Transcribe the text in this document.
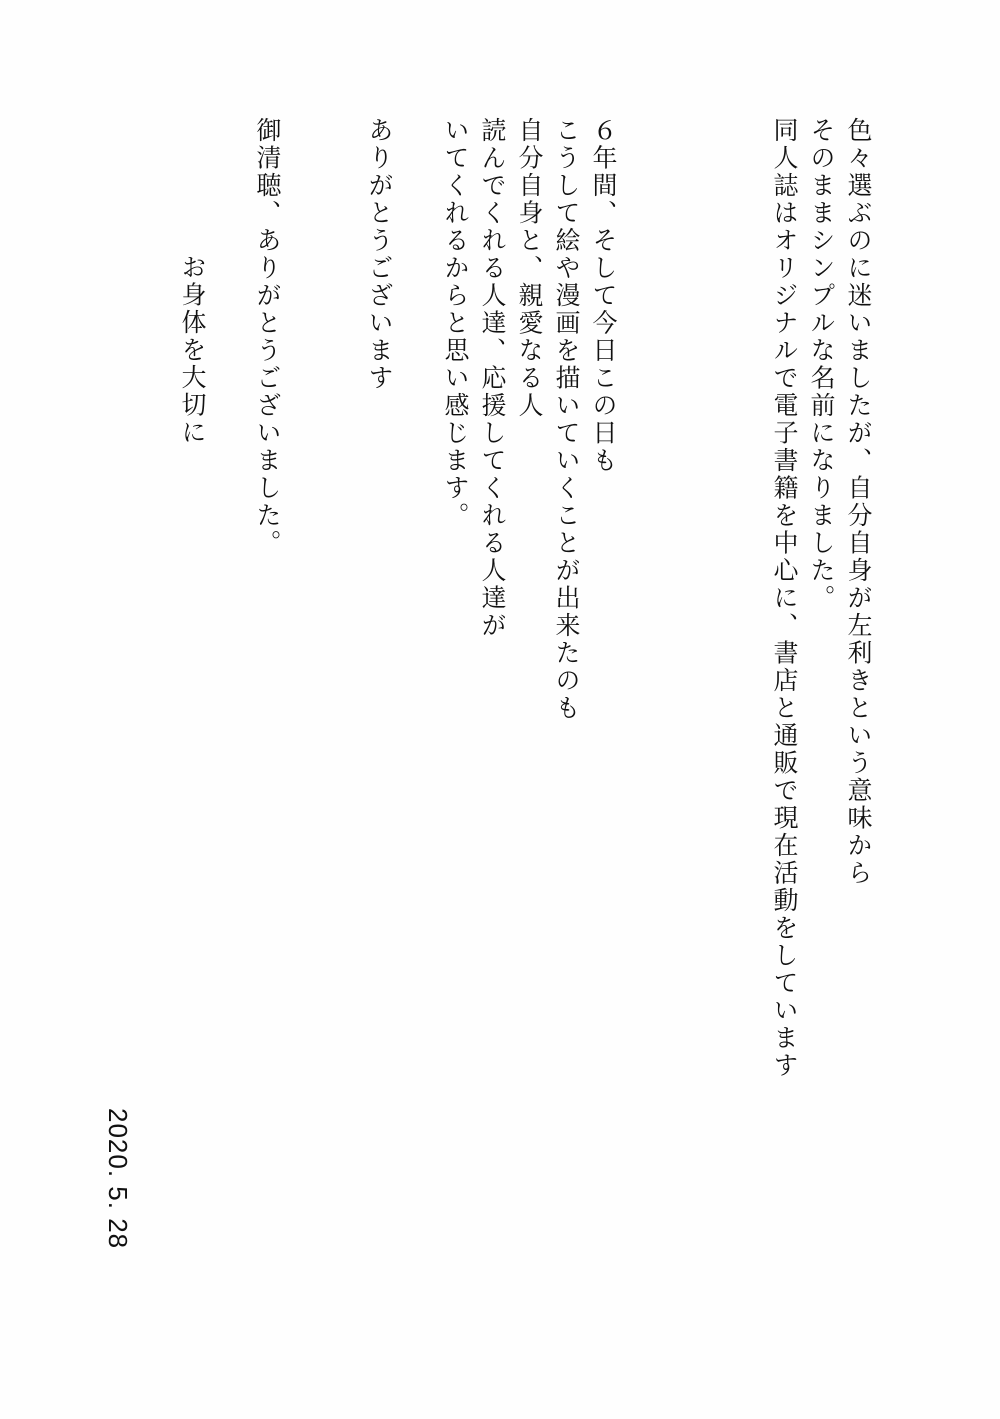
色々選ぶのに迷いましたが、自分自身が左利きという意味から
そのままシンプルな名前になりました。
同人誌はオリジナルで電子書籍を中心に、書店と通販で現在活動をしています
６年間、そして今日この日も
こうして絵や漫画を描いていくことが出来たのも
自分自身と、親愛なる人
読んでくれる人達、応援してくれる人達が
いてくれるからと思い感じます。
ありがとうございます
御清聴、ありがとうございました。
お身体を大切に
2020. 5. 28
